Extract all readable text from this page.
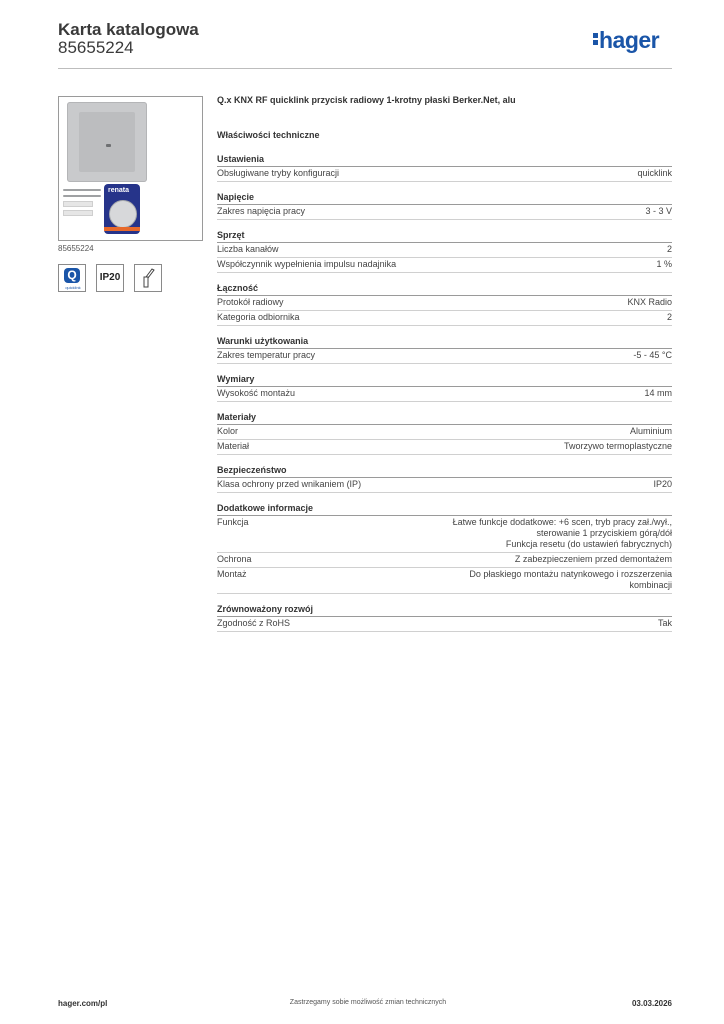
Karta katalogowa
85655224	hager
renata
85655224
Q
quicklink
IP20
Q.x KNX RF quicklink przycisk radiowy 1-krotny płaski Berker.Net, alu
Właściwości techniczne
Ustawienia
Obsługiwane tryby konfiguracji	quicklink
Napięcie
Zakres napięcia pracy	3 - 3 V
Sprzęt
Liczba kanałów	2
Współczynnik wypełnienia impulsu nadajnika	1 %
Łączność
Protokół radiowy	KNX Radio
Kategoria odbiornika	2
Warunki użytkowania
Zakres temperatur pracy	-5 - 45 °C
Wymiary
Wysokość montażu	14 mm
Materiały
Kolor	Aluminium
Materiał	Tworzywo termoplastyczne
Bezpieczeństwo
Klasa ochrony przed wnikaniem (IP)	IP20
Dodatkowe informacje
Funkcja	Łatwe funkcje dodatkowe: +6 scen, tryb pracy zał./wył.,
sterowanie 1 przyciskiem górą/dół
Funkcja resetu (do ustawień fabrycznych)
Ochrona	Z zabezpieczeniem przed demontażem
Montaż	Do płaskiego montażu natynkowego i rozszerzenia
kombinacji
Zrównoważony rozwój
Zgodność z RoHS	Tak
hager.com/pl	Zastrzegamy sobie możliwość zmian technicznych	03.03.2026
